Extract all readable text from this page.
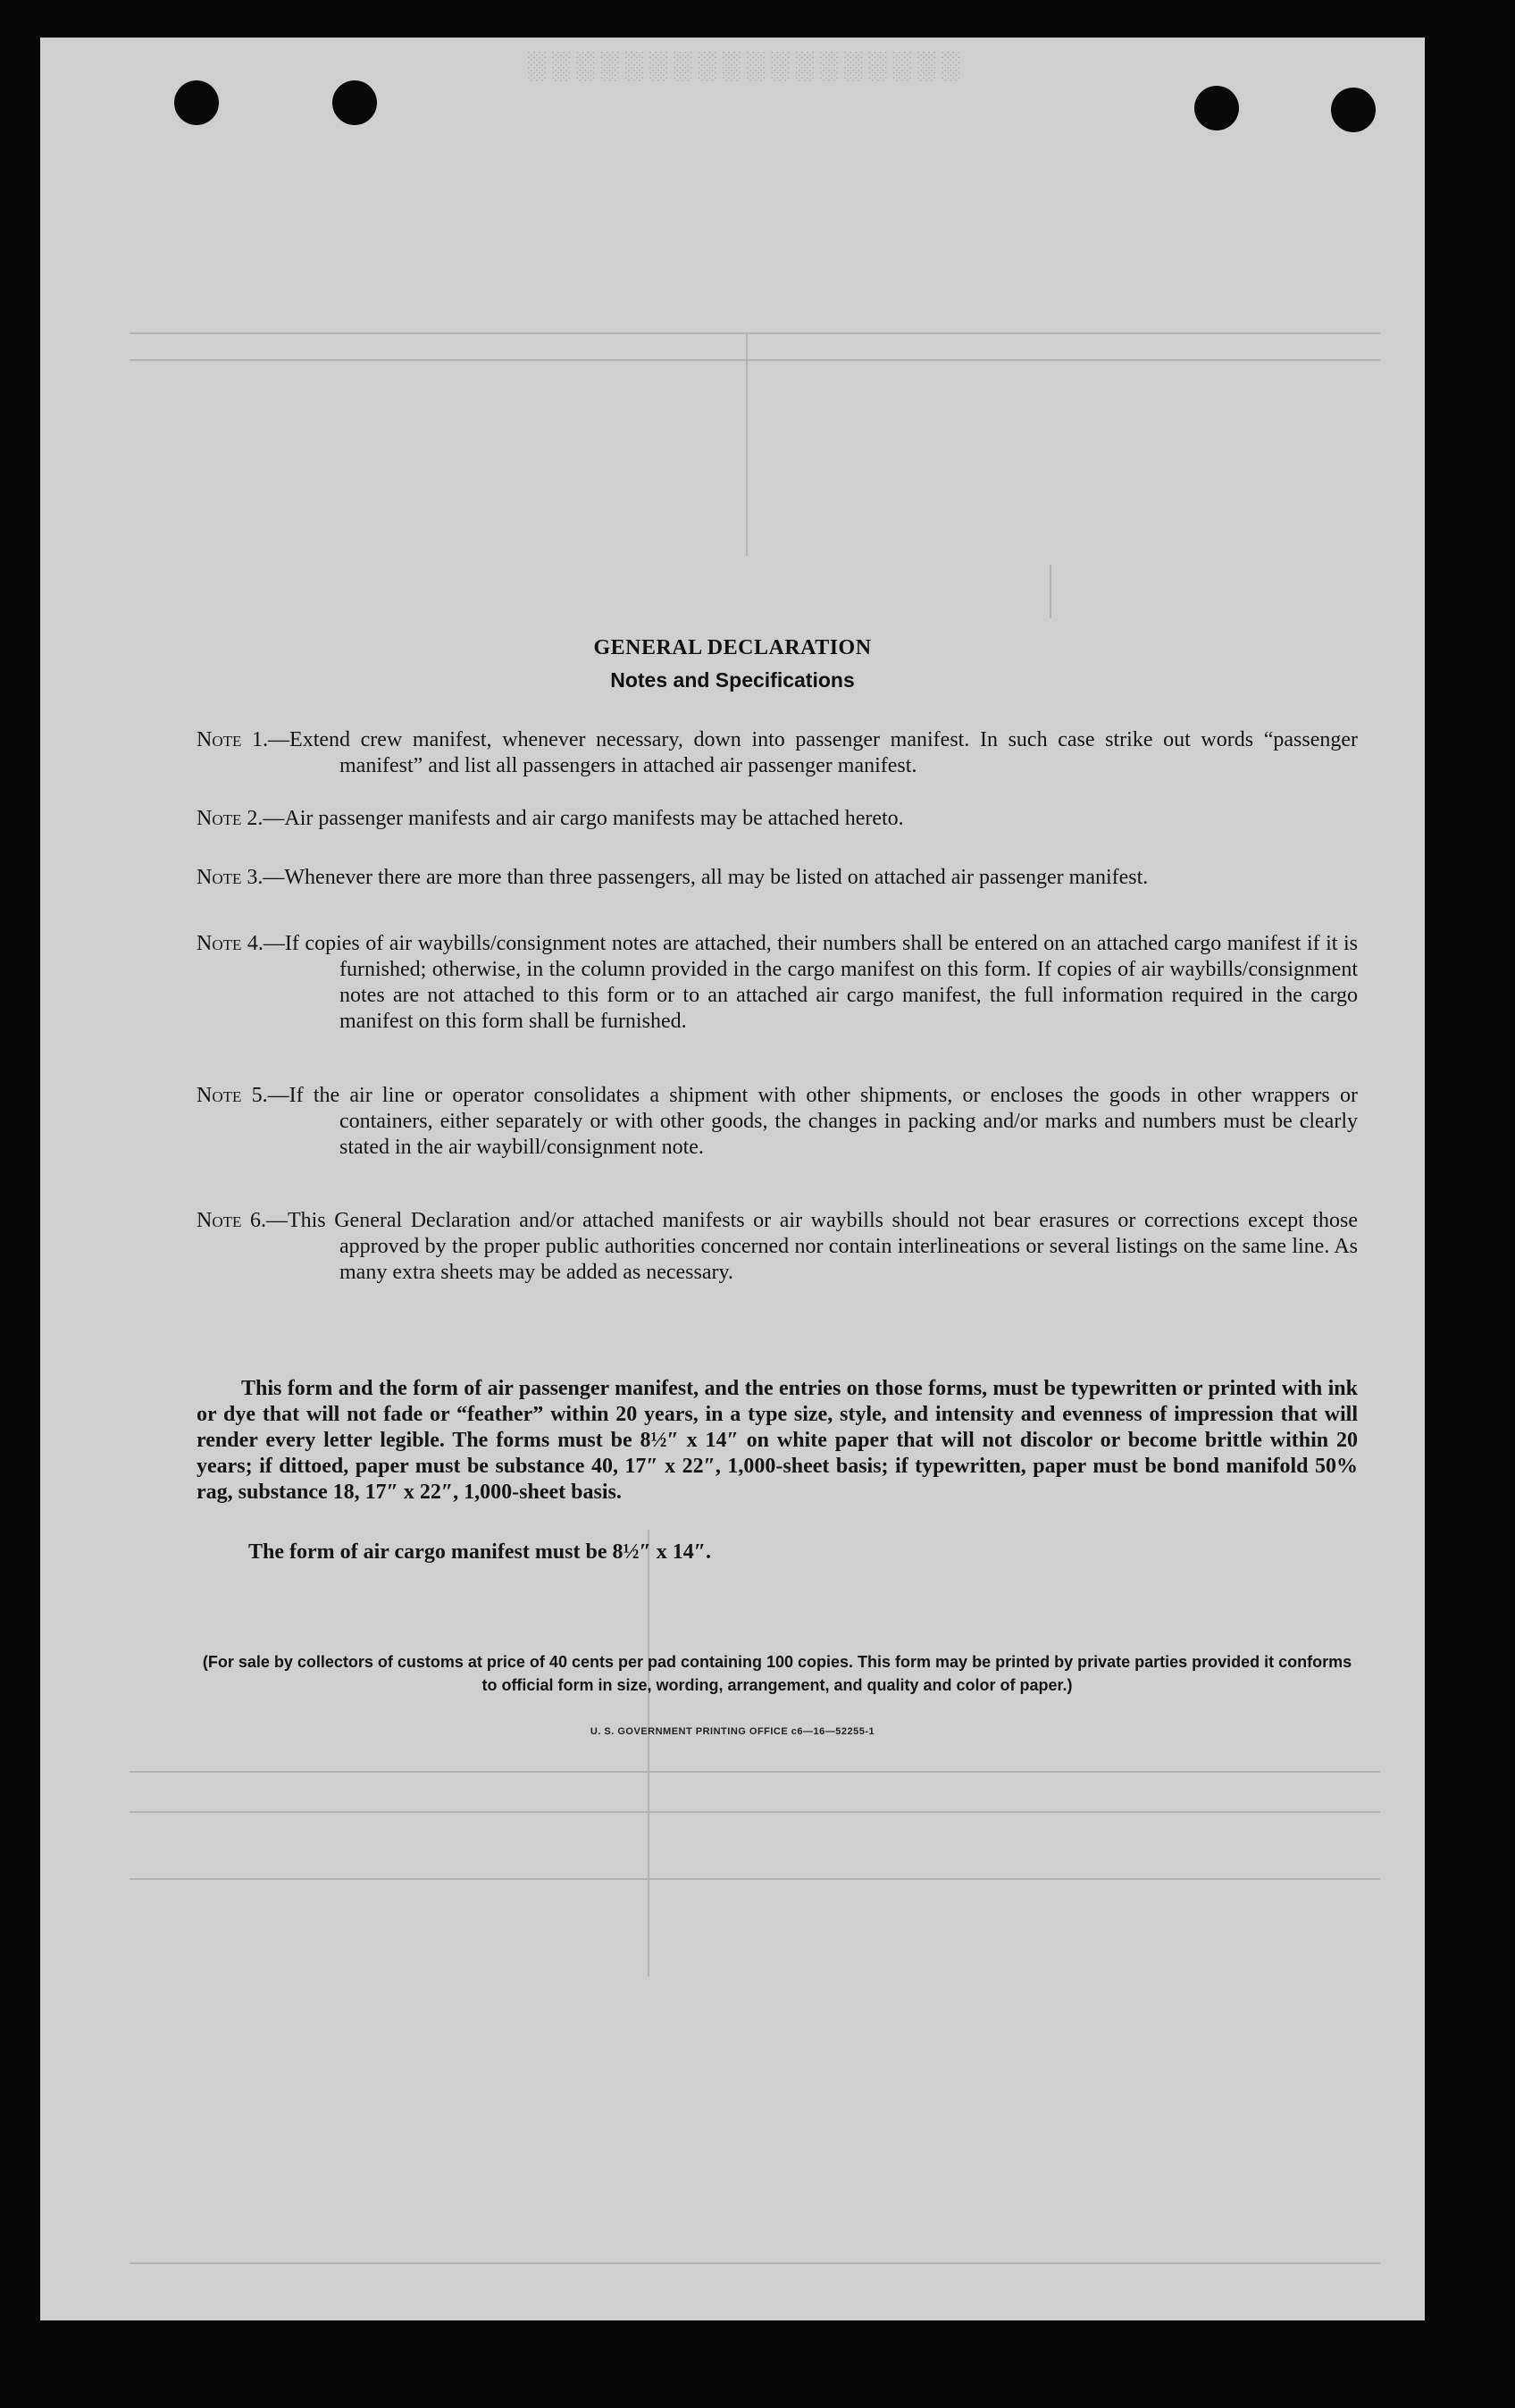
░░░░░░░░░░░░░░░░░░
GENERAL DECLARATION
Notes and Specifications
Note 1.—Extend crew manifest, whenever necessary, down into passenger manifest. In such case strike out words “passenger manifest” and list all passengers in attached air passenger manifest.
Note 2.—Air passenger manifests and air cargo manifests may be attached hereto.
Note 3.—Whenever there are more than three passengers, all may be listed on attached air passenger manifest.
Note 4.—If copies of air waybills/consignment notes are attached, their numbers shall be entered on an attached cargo manifest if it is furnished; otherwise, in the column provided in the cargo manifest on this form. If copies of air waybills/consignment notes are not attached to this form or to an attached air cargo manifest, the full information required in the cargo manifest on this form shall be furnished.
Note 5.—If the air line or operator consolidates a shipment with other shipments, or encloses the goods in other wrappers or containers, either separately or with other goods, the changes in packing and/or marks and numbers must be clearly stated in the air waybill/consignment note.
Note 6.—This General Declaration and/or attached manifests or air waybills should not bear erasures or corrections except those approved by the proper public authorities concerned nor contain interlineations or several listings on the same line. As many extra sheets may be added as necessary.
This form and the form of air passenger manifest, and the entries on those forms, must be typewritten or printed with ink or dye that will not fade or “feather” within 20 years, in a type size, style, and intensity and evenness of impression that will render every letter legible. The forms must be 8½″ x 14″ on white paper that will not discolor or become brittle within 20 years; if dittoed, paper must be substance 40, 17″ x 22″, 1,000-sheet basis; if typewritten, paper must be bond manifold 50% rag, substance 18, 17″ x 22″, 1,000-sheet basis.
The form of air cargo manifest must be 8½″ x 14″.
(For sale by collectors of customs at price of 40 cents per pad containing 100 copies. This form may be printed by private parties provided it conforms to official form in size, wording, arrangement, and quality and color of paper.)
U. S. GOVERNMENT PRINTING OFFICE c6—16—52255-1
